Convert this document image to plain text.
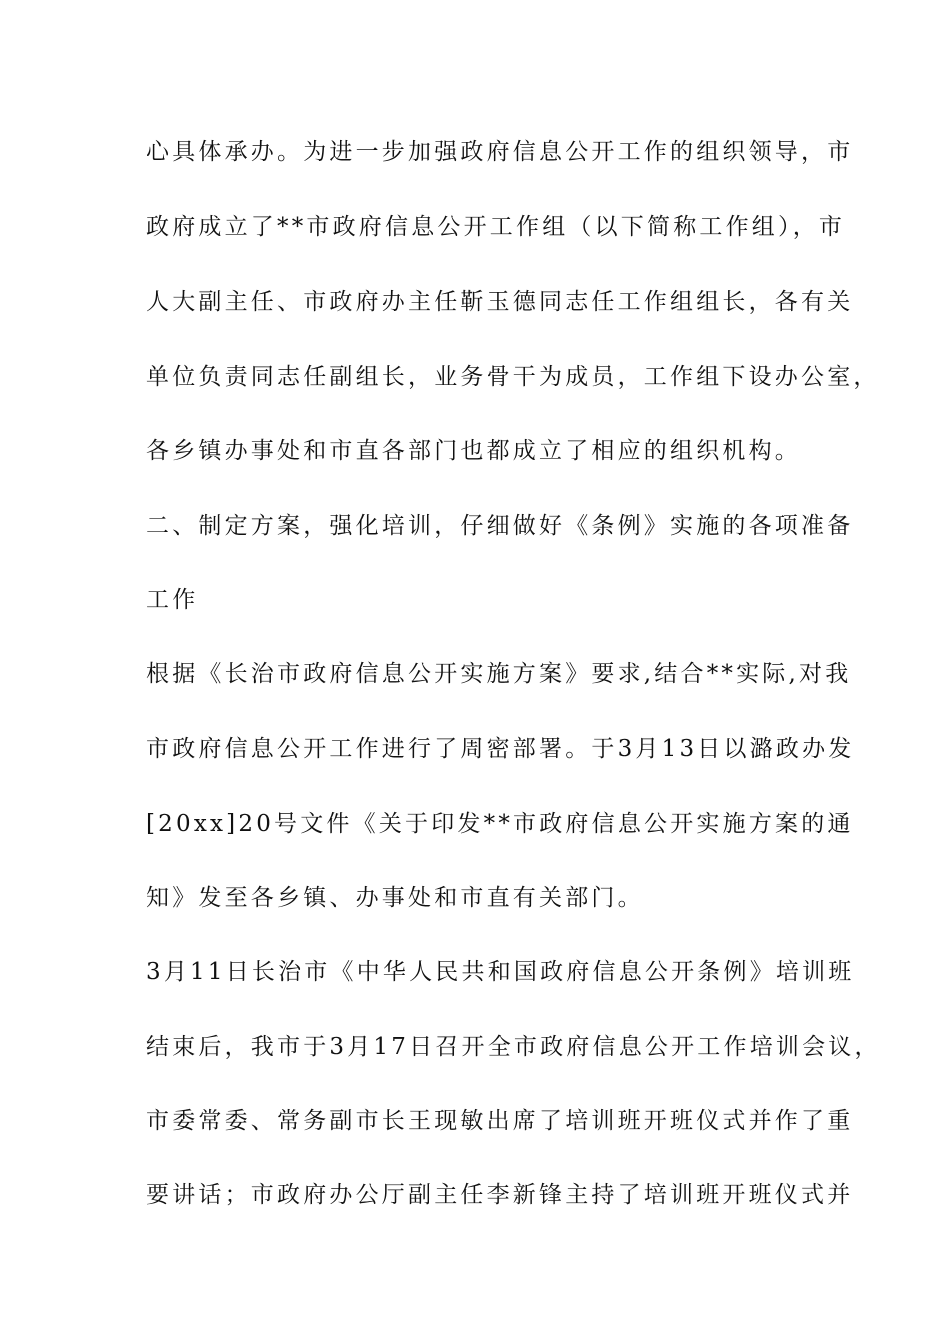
心具体承办。为进一步加强政府信息公开工作的组织领导，市
政府成立了**市政府信息公开工作组（以下简称工作组），市
人大副主任、市政府办主任靳玉德同志任工作组组长，各有关
单位负责同志任副组长，业务骨干为成员，工作组下设办公室，
各乡镇办事处和市直各部门也都成立了相应的组织机构。
二、制定方案，强化培训，仔细做好《条例》实施的各项准备
工作
根据《长治市政府信息公开实施方案》要求,结合**实际,对我
市政府信息公开工作进行了周密部署。于3月13日以潞政办发
[20xx]20号文件《关于印发**市政府信息公开实施方案的通
知》发至各乡镇、办事处和市直有关部门。
3月11日长治市《中华人民共和国政府信息公开条例》培训班
结束后，我市于3月17日召开全市政府信息公开工作培训会议，
市委常委、常务副市长王现敏出席了培训班开班仪式并作了重
要讲话；市政府办公厅副主任李新锋主持了培训班开班仪式并
